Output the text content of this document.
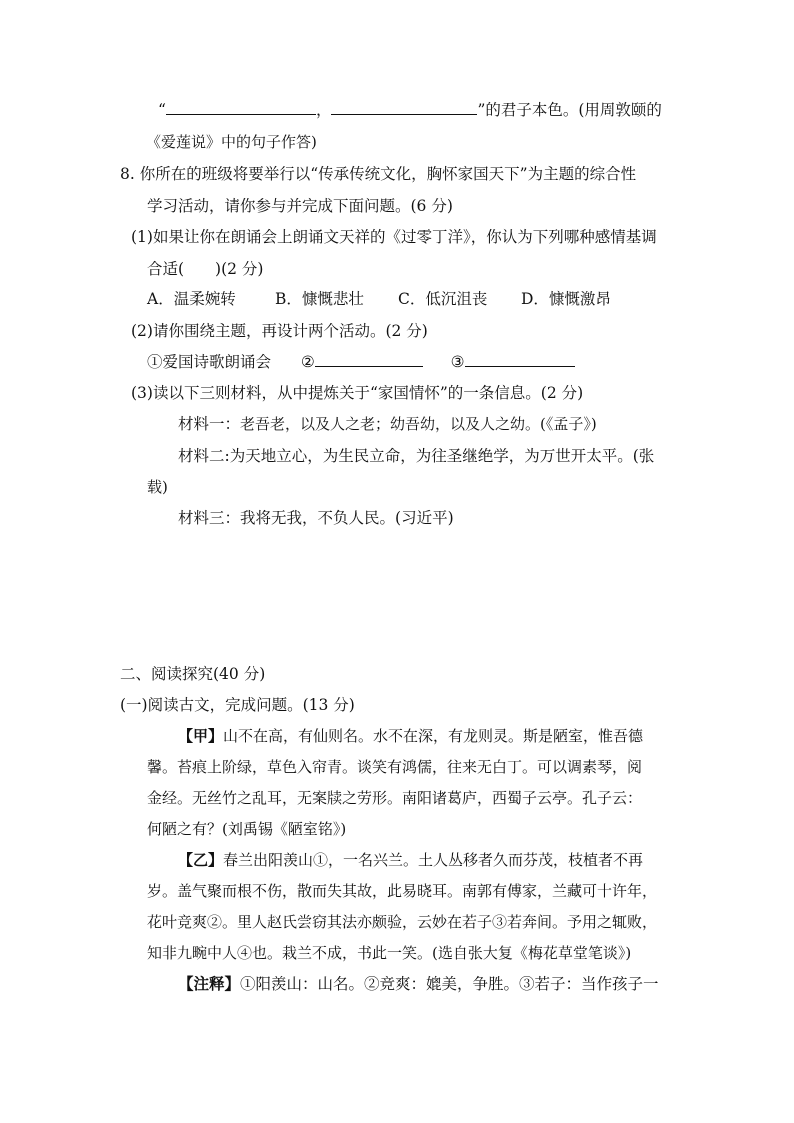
“	，	”的君子本色。(用周敦颐的
《爱莲说》中的句子作答)
8. 你所在的班级将要举行以“传承传统文化，胸怀家国天下”为主题的综合性
学习活动，请你参与并完成下面问题。(6 分)
(1)如果让你在朗诵会上朗诵文天祥的《过零丁洋》，你认为下列哪种感情基调
合适(　　)(2 分)
A．温柔婉转	B．慷慨悲壮 C．低沉沮丧 D．慷慨激昂
(2)请你围绕主题，再设计两个活动。(2 分)
①爱国诗歌朗诵会 ②	③
(3)读以下三则材料，从中提炼关于“家国情怀”的一条信息。(2 分)
材料一：老吾老，以及人之老；幼吾幼，以及人之幼。(《孟子》)
材料二:为天地立心，为生民立命，为往圣继绝学，为万世开太平。(张
载)
材料三：我将无我，不负人民。(习近平)
二、阅读探究(40 分)
(一)阅读古文，完成问题。(13 分)
【甲】山不在高，有仙则名。水不在深，有龙则灵。斯是陋室，惟吾德
馨。苔痕上阶绿，草色入帘青。谈笑有鸿儒，往来无白丁。可以调素琴，阅
金经。无丝竹之乱耳，无案牍之劳形。南阳诸葛庐，西蜀子云亭。孔子云：
何陋之有？(刘禹锡《陋室铭》)
【乙】春兰出阳羡山①，一名兴兰。土人丛移者久而芬茂，枝植者不再
岁。盖气聚而根不伤，散而失其故，此易晓耳。南郭有傅家，兰藏可十许年，
花叶竞爽②。里人赵氏尝窃其法亦颇验，云妙在若子③若奔间。予用之辄败，
知非九畹中人④也。栽兰不成，书此一笑。(选自张大复《梅花草堂笔谈》)
【注释】①阳羡山：山名。②竞爽：媲美，争胜。③若子：当作孩子一
